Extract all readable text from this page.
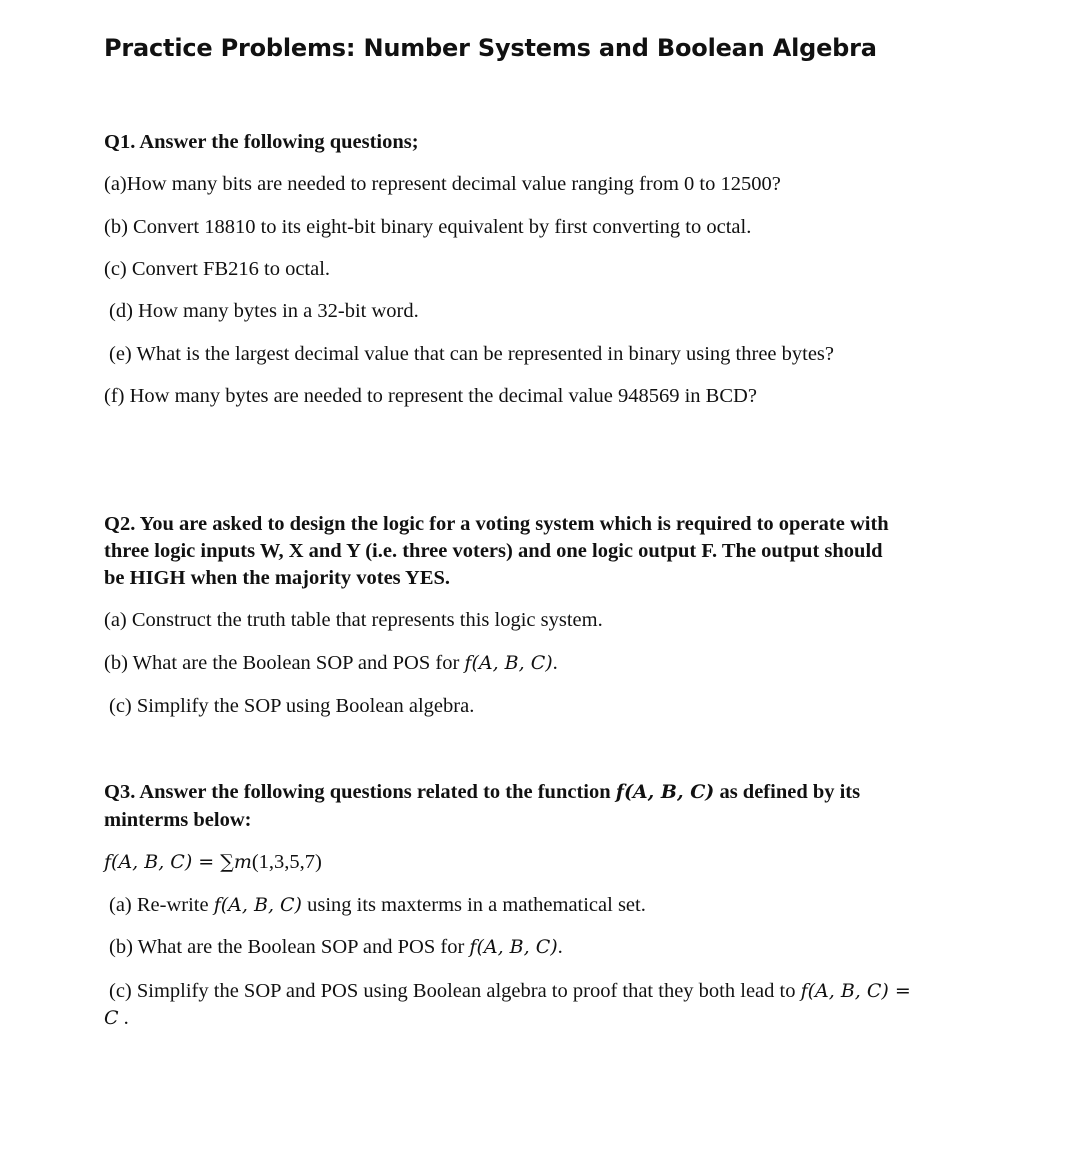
Practice Problems: Number Systems and Boolean Algebra
Q1. Answer the following questions;
(a)How many bits are needed to represent decimal value ranging from 0 to 12500?
(b) Convert 18810 to its eight-bit binary equivalent by first converting to octal.
(c) Convert FB216 to octal.
(d) How many bytes in a 32-bit word.
(e) What is the largest decimal value that can be represented in binary using three bytes?
(f) How many bytes are needed to represent the decimal value 948569 in BCD?
Q2. You are asked to design the logic for a voting system which is required to operate with
three logic inputs W, X and Y (i.e. three voters) and one logic output F. The output should
be HIGH when the majority votes YES.
(a) Construct the truth table that represents this logic system.
(b) What are the Boolean SOP and POS for f(A, B, C).
(c) Simplify the SOP using Boolean algebra.
Q3. Answer the following questions related to the function f(A, B, C) as defined by its
minterms below:
f(A, B, C) = ∑m(1,3,5,7)
(a) Re-write f(A, B, C) using its maxterms in a mathematical set.
(b) What are the Boolean SOP and POS for f(A, B, C).
(c) Simplify the SOP and POS using Boolean algebra to proof that they both lead to f(A, B, C) =
C .
